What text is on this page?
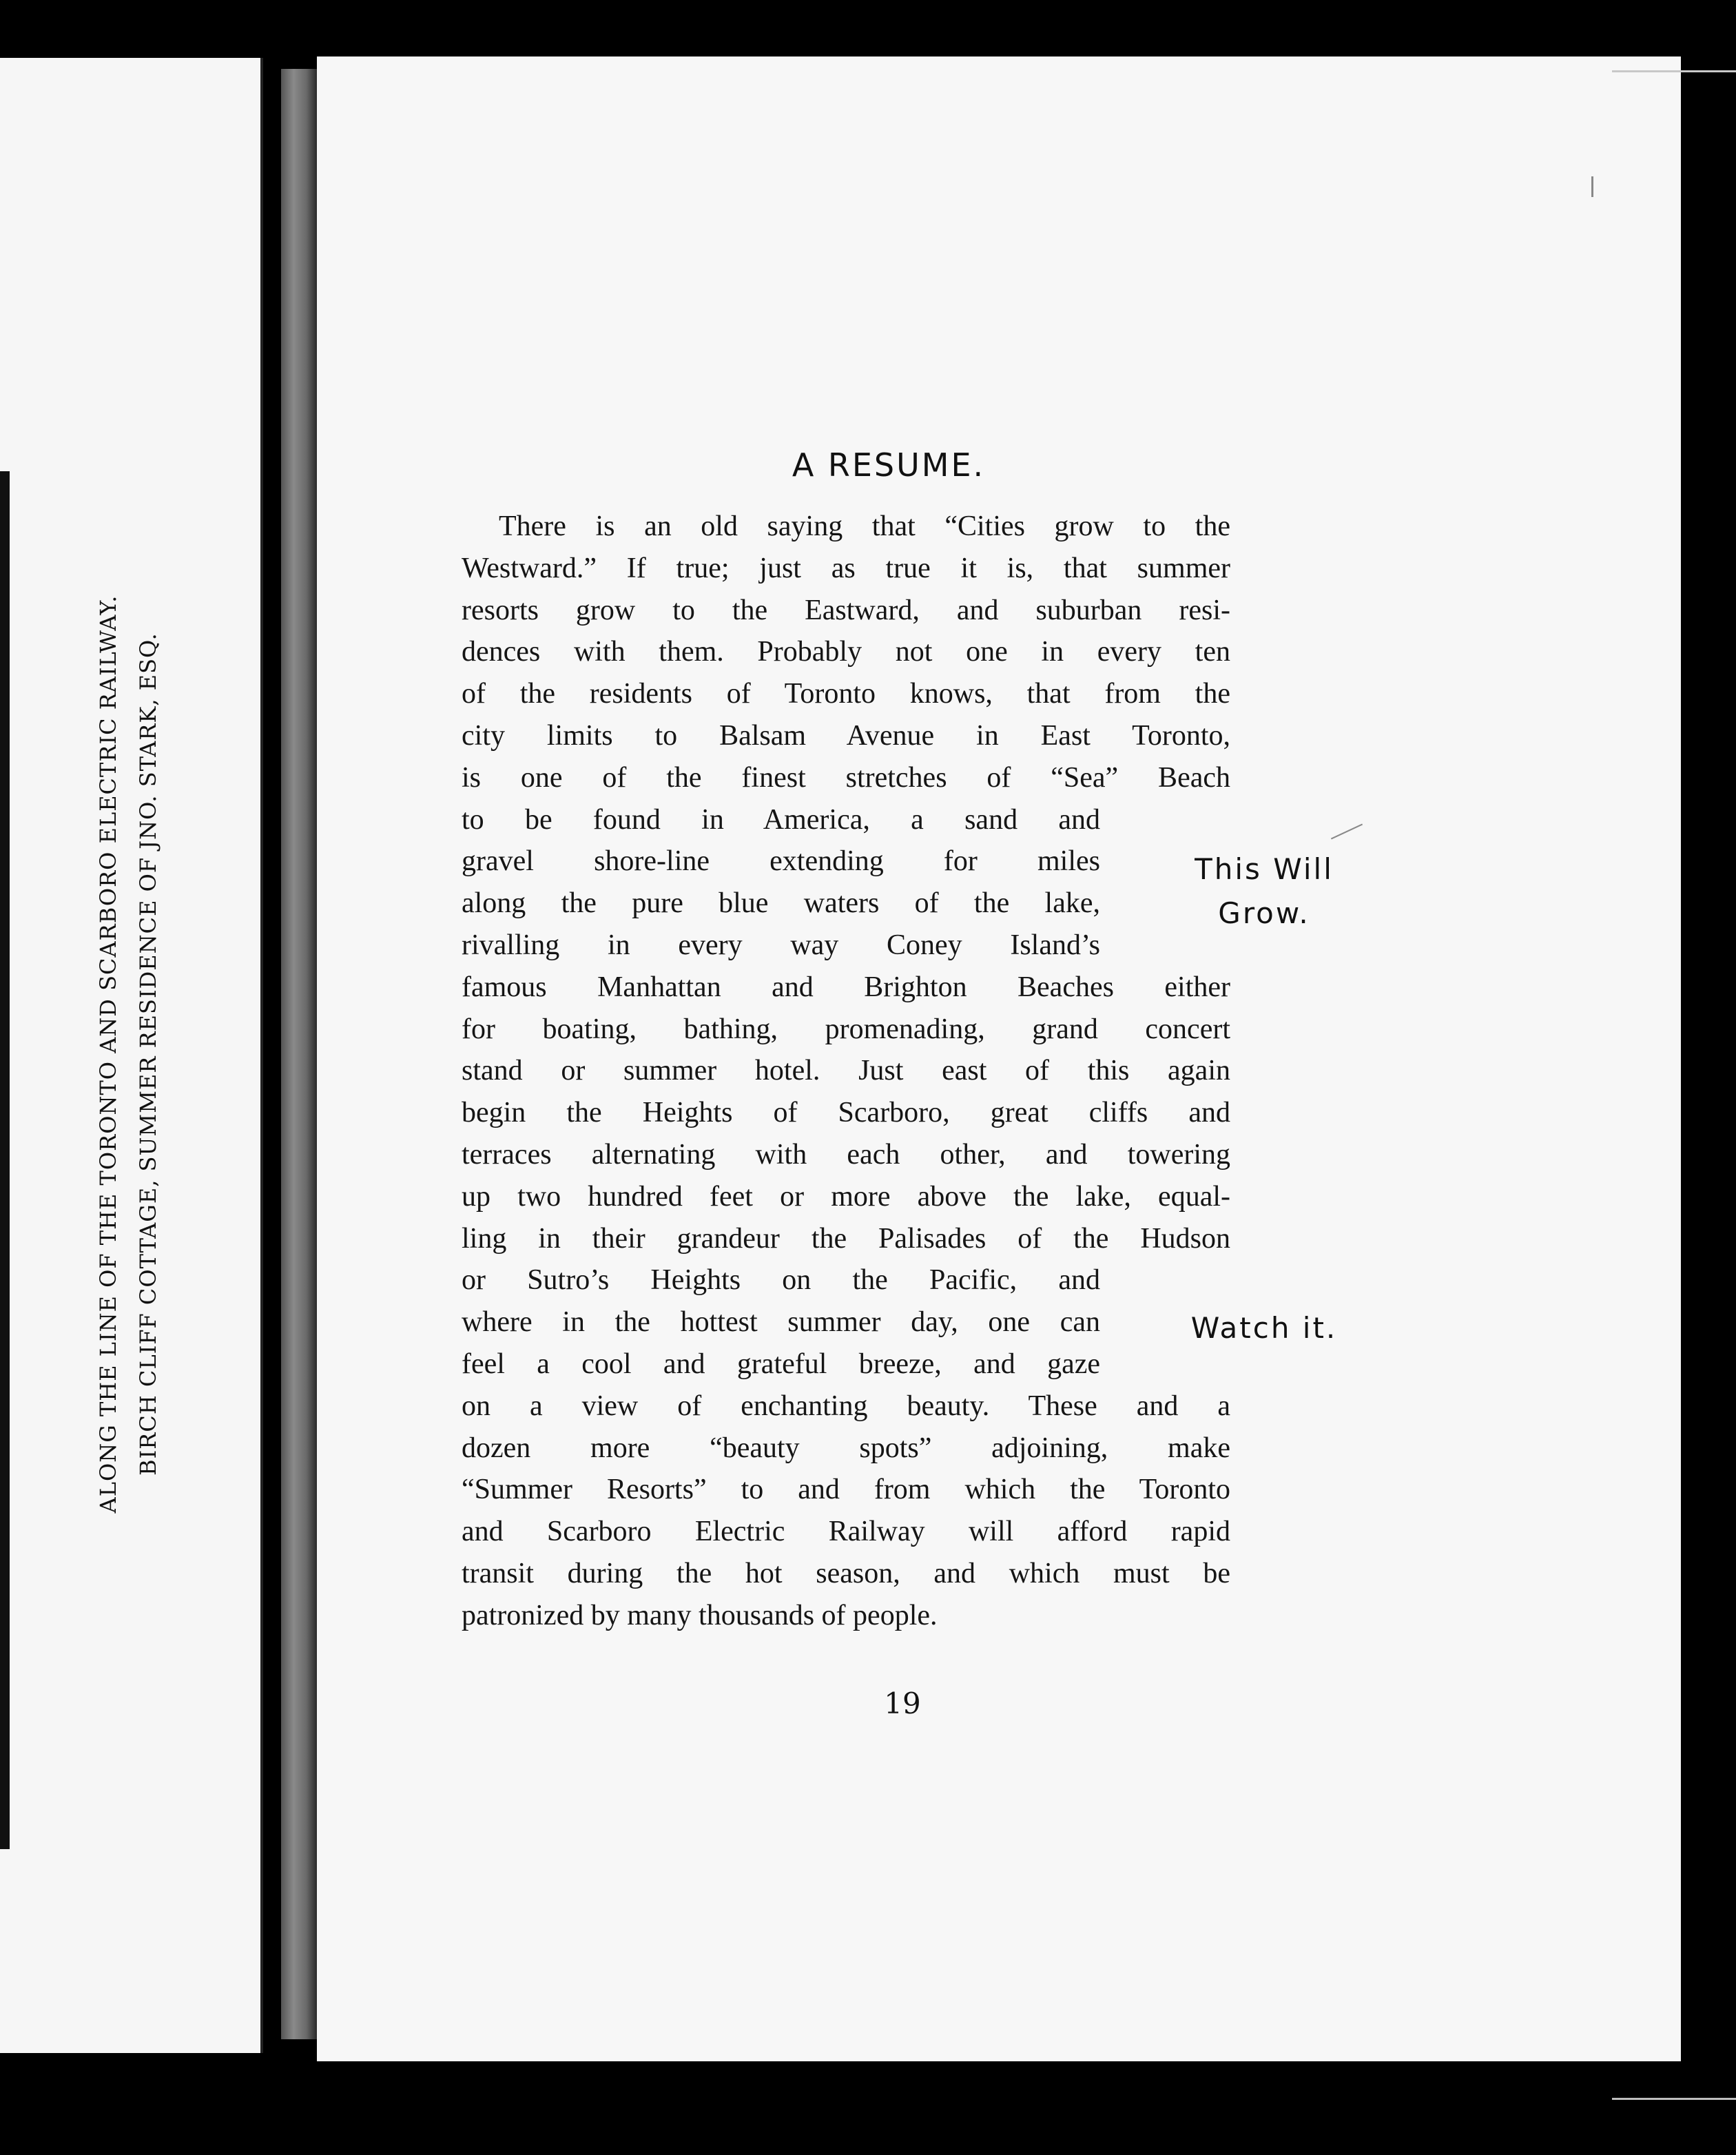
ALONG THE LINE OF THE TORONTO AND SCARBORO ELECTRIC RAILWAY. BIRCH CLIFF COTTAGE, SUMMER RESIDENCE OF JNO. STARK, ESQ.
A RESUME.
There is an old saying that “Cities grow to the
Westward.” If true; just as true it is, that summer
resorts grow to the Eastward, and suburban resi-
dences with them. Probably not one in every ten
of the residents of Toronto knows, that from the
city limits to Balsam Avenue in East Toronto,
is one of the finest stretches of “Sea” Beach
to be found in America, a sand and
gravel shore-line extending for miles
along the pure blue waters of the lake,
rivalling in every way Coney Island’s
famous Manhattan and Brighton Beaches either
for boating, bathing, promenading, grand concert
stand or summer hotel. Just east of this again
begin the Heights of Scarboro, great cliffs and
terraces alternating with each other, and towering
up two hundred feet or more above the lake, equal-
ling in their grandeur the Palisades of the Hudson
or Sutro’s Heights on the Pacific, and
where in the hottest summer day, one can
feel a cool and grateful breeze, and gaze
on a view of enchanting beauty. These and a
dozen more “beauty spots” adjoining, make
“Summer Resorts” to and from which the Toronto
and Scarboro Electric Railway will afford rapid
transit during the hot season, and which must be
patronized by many thousands of people.
This Will
Grow.
Watch it.
19
